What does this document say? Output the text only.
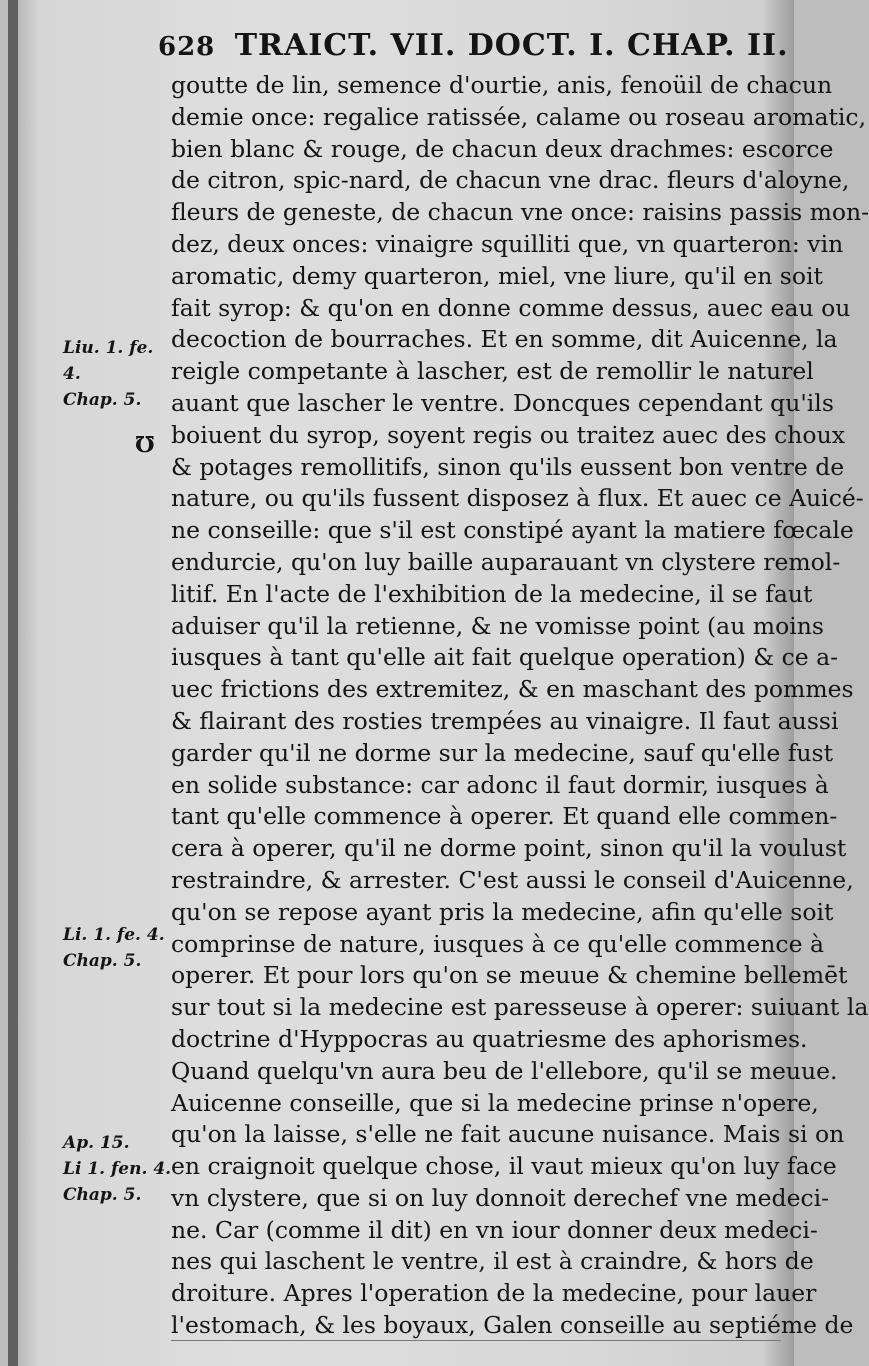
628 TRAICT. VII. DOCT. I. CHAP. II.
℧
Liu. 1. fe. 4.
Chap. 5.
Li. 1. fe. 4.
Chap. 5.
Ap. 15.
Li 1. fen. 4.
Chap. 5.
goutte de lin, semence d'ourtie, anis, fenoüil de chacun
demie once: regalice ratissée, calame ou roseau aromatic,
bien blanc & rouge, de chacun deux drachmes: escorce
de citron, spic-nard, de chacun vne drac. fleurs d'aloyne,
fleurs de geneste, de chacun vne once: raisins passis mon-
dez, deux onces: vinaigre squilliti que, vn quarteron: vin
aromatic, demy quarteron, miel, vne liure, qu'il en soit
fait syrop: & qu'on en donne comme dessus, auec eau ou
decoction de bourraches. Et en somme, dit Auicenne, la
reigle competante à lascher, est de remollir le naturel
auant que lascher le ventre. Doncques cependant qu'ils
boiuent du syrop, soyent regis ou traitez auec des choux
& potages remollitifs, sinon qu'ils eussent bon ventre de
nature, ou qu'ils fussent disposez à flux. Et auec ce Auicé-
ne conseille: que s'il est constipé ayant la matiere fœcale
endurcie, qu'on luy baille auparauant vn clystere remol-
litif. En l'acte de l'exhibition de la medecine, il se faut
aduiser qu'il la retienne, & ne vomisse point (au moins
iusques à tant qu'elle ait fait quelque operation) & ce a-
uec frictions des extremitez, & en maschant des pommes
& flairant des rosties trempées au vinaigre. Il faut aussi
garder qu'il ne dorme sur la medecine, sauf qu'elle fust
en solide substance: car adonc il faut dormir, iusques à
tant qu'elle commence à operer. Et quand elle commen-
cera à operer, qu'il ne dorme point, sinon qu'il la voulust
restraindre, & arrester. C'est aussi le conseil d'Auicenne,
qu'on se repose ayant pris la medecine, afin qu'elle soit
comprinse de nature, iusques à ce qu'elle commence à
operer. Et pour lors qu'on se meuue & chemine bellemēt
sur tout si la medecine est paresseuse à operer: suiuant la
doctrine d'Hyppocras au quatriesme des aphorismes.
Quand quelqu'vn aura beu de l'ellebore, qu'il se meuue.
Auicenne conseille, que si la medecine prinse n'opere,
qu'on la laisse, s'elle ne fait aucune nuisance. Mais si on
en craignoit quelque chose, il vaut mieux qu'on luy face
vn clystere, que si on luy donnoit derechef vne medeci-
ne. Car (comme il dit) en vn iour donner deux medeci-
nes qui laschent le ventre, il est à craindre, & hors de
droiture. Apres l'operation de la medecine, pour lauer
l'estomach, & les boyaux, Galen conseille au septiéme de
